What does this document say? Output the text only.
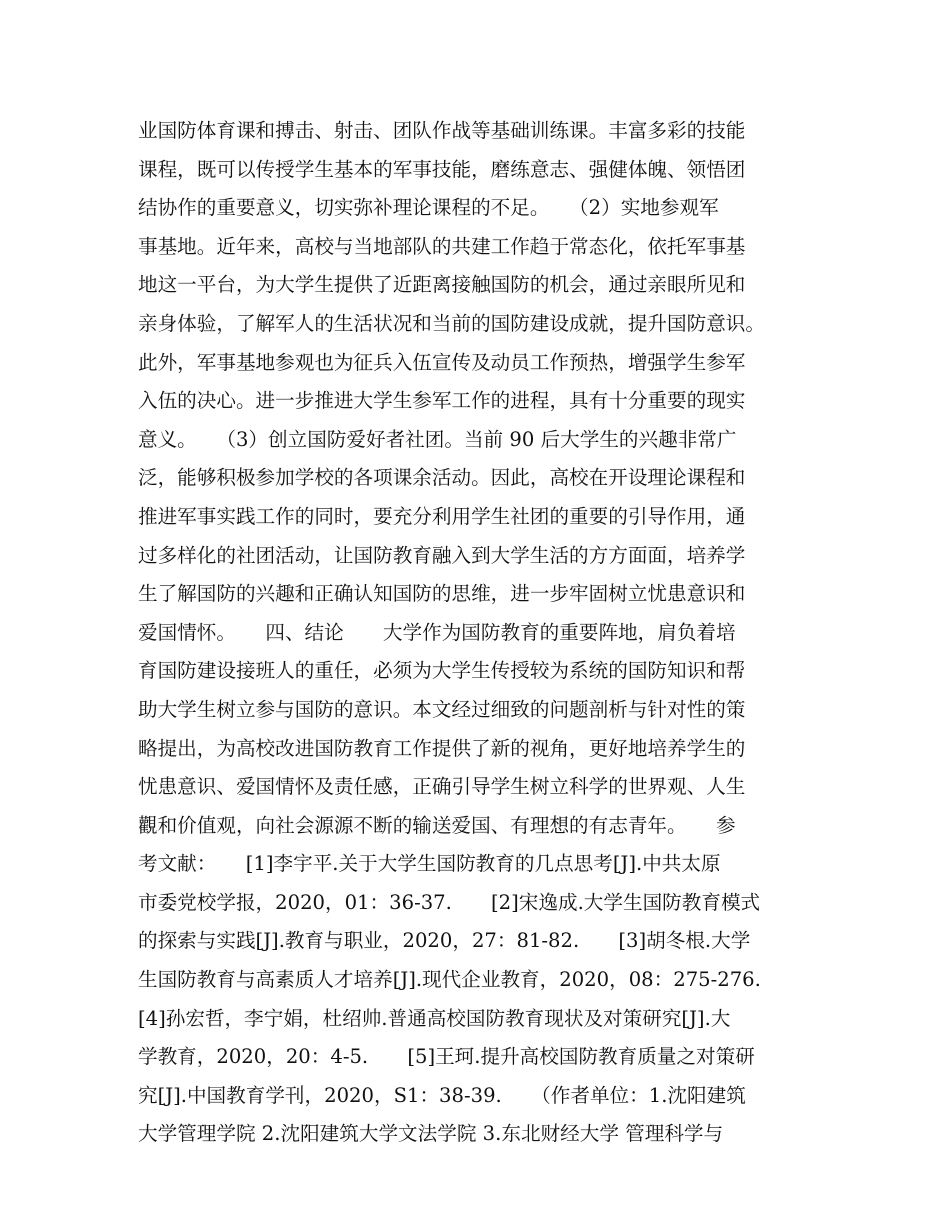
业国防体育课和搏击、射击、团队作战等基础训练课。丰富多彩的技能
课程，既可以传授学生基本的军事技能，磨练意志、强健体魄、领悟团
结协作的重要意义，切实弥补理论课程的不足。　　（2）实地参观军
事基地。近年来，高校与当地部队的共建工作趋于常态化，依托军事基
地这一平台，为大学生提供了近距离接触国防的机会，通过亲眼所见和
亲身体验，了解军人的生活状况和当前的国防建设成就，提升国防意识。
此外，军事基地参观也为征兵入伍宣传及动员工作预热，增强学生参军
入伍的决心。进一步推进大学生参军工作的进程，具有十分重要的现实
意义。　　（3）创立国防爱好者社团。当前 90 后大学生的兴趣非常广
泛，能够积极参加学校的各项课余活动。因此，高校在开设理论课程和
推进军事实践工作的同时，要充分利用学生社团的重要的引导作用，通
过多样化的社团活动，让国防教育融入到大学生活的方方面面，培养学
生了解国防的兴趣和正确认知国防的思维，进一步牢固树立忧患意识和
爱国情怀。　　四、结论　　大学作为国防教育的重要阵地，肩负着培
育国防建设接班人的重任，必须为大学生传授较为系统的国防知识和帮
助大学生树立参与国防的意识。本文经过细致的问题剖析与针对性的策
略提出，为高校改进国防教育工作提供了新的视角，更好地培养学生的
忧患意识、爱国情怀及责任感，正确引导学生树立科学的世界观、人生
觀和价值观，向社会源源不断的输送爱国、有理想的有志青年。　　参
考文献：　　[1]李宇平.关于大学生国防教育的几点思考[J].中共太原
市委党校学报，2020，01：36-37.　　[2]宋逸成.大学生国防教育模式
的探索与实践[J].教育与职业，2020，27：81-82.　　[3]胡冬根.大学
生国防教育与高素质人才培养[J].现代企业教育，2020，08：275-276.
[4]孙宏哲，李宁娟，杜绍帅.普通高校国防教育现状及对策研究[J].大
学教育，2020，20：4-5.　　[5]王珂.提升高校国防教育质量之对策研
究[J].中国教育学刊，2020，S1：38-39.　　（作者单位：1.沈阳建筑
大学管理学院 2.沈阳建筑大学文法学院 3.东北财经大学 管理科学与
